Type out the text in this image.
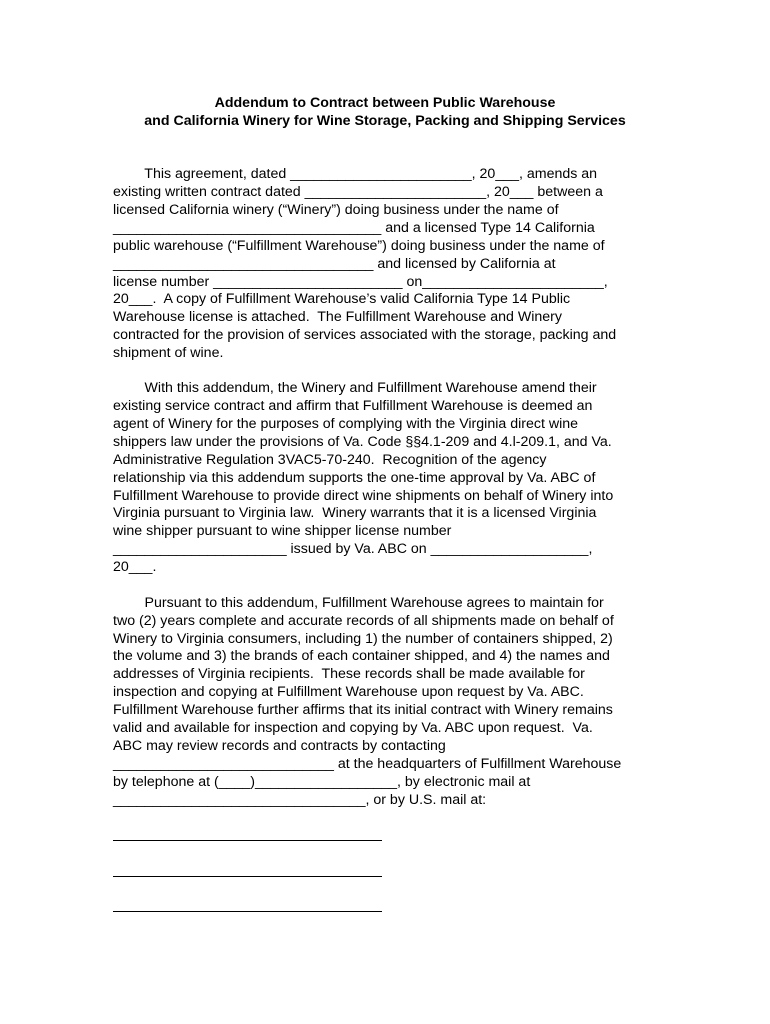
Addendum to Contract between Public Warehouse
and California Winery for Wine Storage, Packing and Shipping Services

This agreement, dated _______________________, 20___, amends an

existing written contract dated _______________________, 20___ between a

licensed California winery (“Winery”) doing business under the name of

__________________________________ and a licensed Type 14 California

public warehouse (“Fulfillment Warehouse”) doing business under the name of

_________________________________ and licensed by California at

license number ________________________ on_______________________,

20___.  A copy of Fulfillment Warehouse’s valid California Type 14 Public

Warehouse license is attached.  The Fulfillment Warehouse and Winery

contracted for the provision of services associated with the storage, packing and

shipment of wine.

With this addendum, the Winery and Fulfillment Warehouse amend their

existing service contract and affirm that Fulfillment Warehouse is deemed an

agent of Winery for the purposes of complying with the Virginia direct wine

shippers law under the provisions of Va. Code §§4.1-209 and 4.l-209.1, and Va.

Administrative Regulation 3VAC5-70-240.  Recognition of the agency

relationship via this addendum supports the one-time approval by Va. ABC of

Fulfillment Warehouse to provide direct wine shipments on behalf of Winery into

Virginia pursuant to Virginia law.  Winery warrants that it is a licensed Virginia

wine shipper pursuant to wine shipper license number

______________________ issued by Va. ABC on ____________________,

20___.

Pursuant to this addendum, Fulfillment Warehouse agrees to maintain for

two (2) years complete and accurate records of all shipments made on behalf of

Winery to Virginia consumers, including 1) the number of containers shipped, 2)

the volume and 3) the brands of each container shipped, and 4) the names and

addresses of Virginia recipients.  These records shall be made available for

inspection and copying at Fulfillment Warehouse upon request by Va. ABC.

Fulfillment Warehouse further affirms that its initial contract with Winery remains

valid and available for inspection and copying by Va. ABC upon request.  Va.

ABC may review records and contracts by contacting

____________________________ at the headquarters of Fulfillment Warehouse

by telephone at (____)__________________, by electronic mail at

________________________________, or by U.S. mail at:
